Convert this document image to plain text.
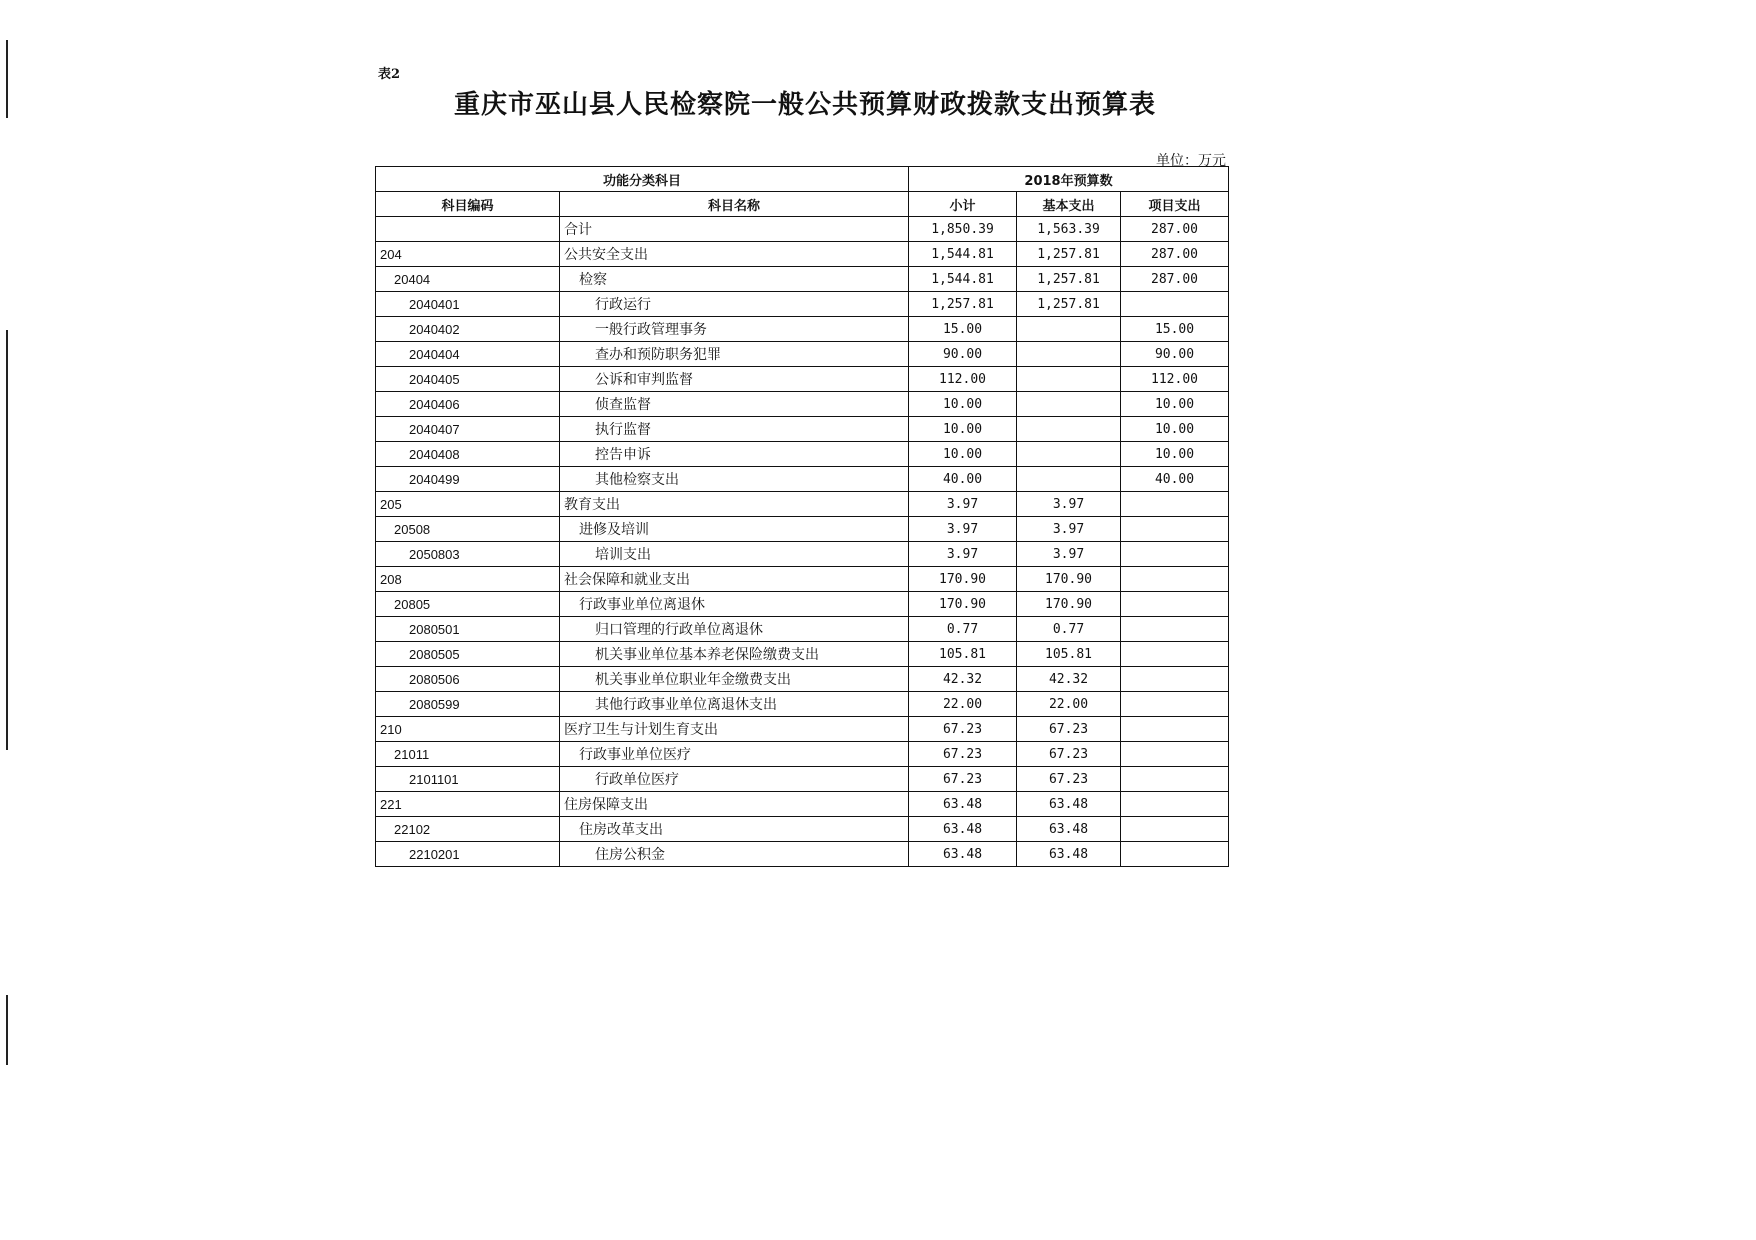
表2
重庆市巫山县人民检察院一般公共预算财政拨款支出预算表
单位：万元
功能分类科目		2018年预算数		
科目编码	科目名称	小计	基本支出	项目支出
	合计	1,850.39	1,563.39	287.00
204	公共安全支出	1,544.81	1,257.81	287.00
20404	检察	1,544.81	1,257.81	287.00
2040401	行政运行	1,257.81	1,257.81	
2040402	一般行政管理事务	15.00		15.00
2040404	查办和预防职务犯罪	90.00		90.00
2040405	公诉和审判监督	112.00		112.00
2040406	侦查监督	10.00		10.00
2040407	执行监督	10.00		10.00
2040408	控告申诉	10.00		10.00
2040499	其他检察支出	40.00		40.00
205	教育支出	3.97	3.97	
20508	进修及培训	3.97	3.97	
2050803	培训支出	3.97	3.97	
208	社会保障和就业支出	170.90	170.90	
20805	行政事业单位离退休	170.90	170.90	
2080501	归口管理的行政单位离退休	0.77	0.77	
2080505	机关事业单位基本养老保险缴费支出	105.81	105.81	
2080506	机关事业单位职业年金缴费支出	42.32	42.32	
2080599	其他行政事业单位离退休支出	22.00	22.00	
210	医疗卫生与计划生育支出	67.23	67.23	
21011	行政事业单位医疗	67.23	67.23	
2101101	行政单位医疗	67.23	67.23	
221	住房保障支出	63.48	63.48	
22102	住房改革支出	63.48	63.48	
2210201	住房公积金	63.48	63.48	
